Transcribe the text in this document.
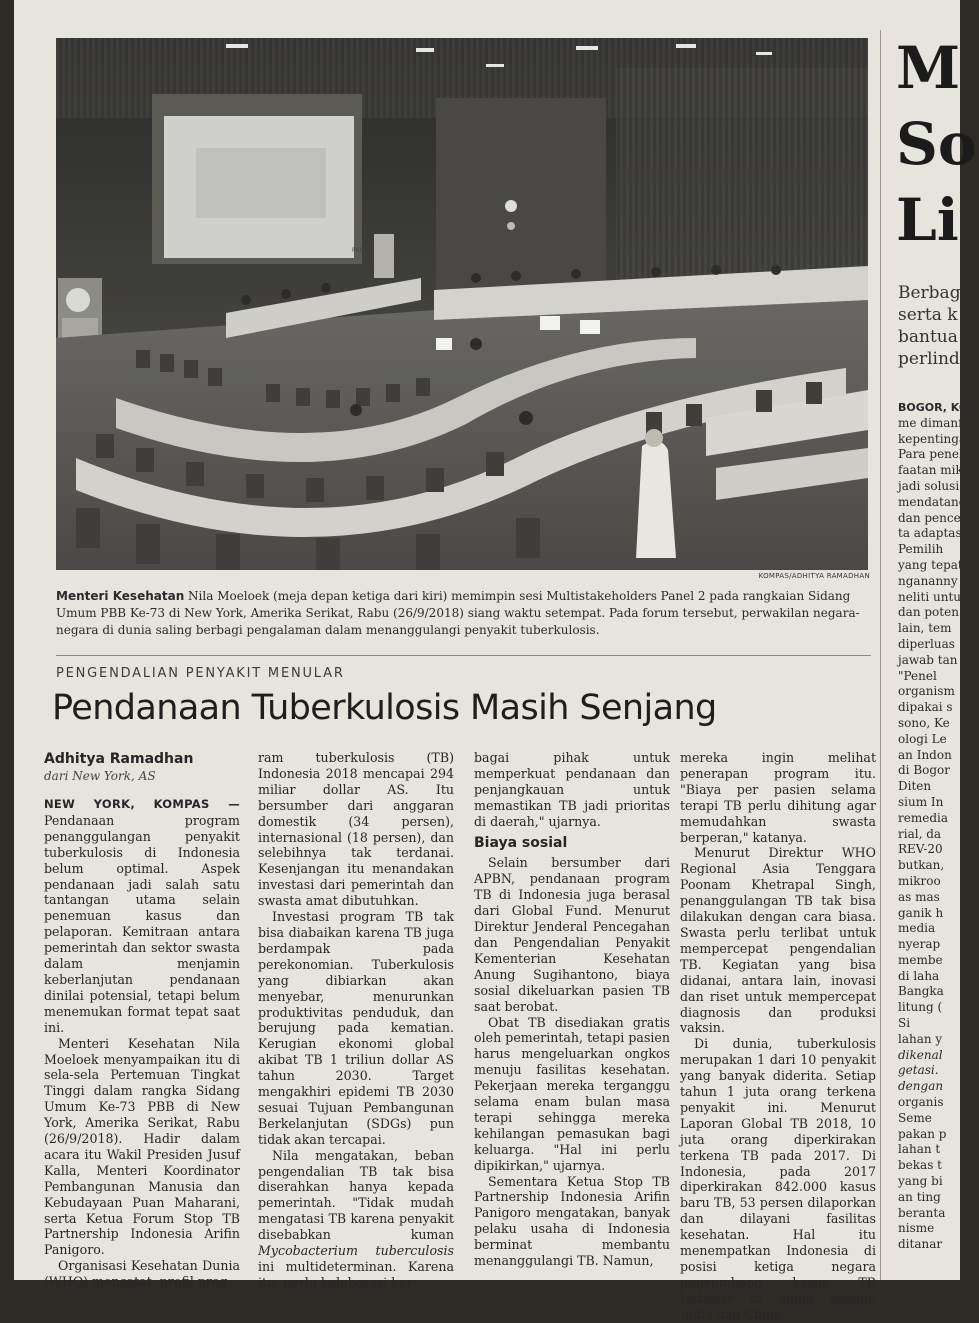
PBB
KOMPAS/ADHITYA RAMADHAN
Menteri Kesehatan Nila Moeloek (meja depan ketiga dari kiri) memimpin sesi Multistakeholders Panel 2 pada rangkaian Sidang Umum PBB Ke-73 di New York, Amerika Serikat, Rabu (26/9/2018) siang waktu setempat. Pada forum tersebut, perwakilan negara-negara di dunia saling berbagi pengalaman dalam menanggulangi penyakit tuberkulosis.
PENGENDALIAN PENYAKIT MENULAR
Pendanaan Tuberkulosis Masih Senjang

Adhitya Ramadhan

dari New York, AS

NEW YORK, KOMPAS — Pendanaan program penanggulangan penyakit tuberkulosis di Indonesia belum optimal. Aspek pendanaan jadi salah satu tantangan utama selain penemuan kasus dan pelaporan. Kemitraan antara pemerintah dan sektor swasta dalam menjamin keberlanjutan pendanaan dinilai potensial, tetapi belum menemukan format tepat saat ini.

Menteri Kesehatan Nila Moeloek menyampaikan itu di sela-sela Pertemuan Tingkat Tinggi dalam rangka Sidang Umum Ke-73 PBB di New York, Amerika Serikat, Rabu (26/9/2018). Hadir dalam acara itu Wakil Presiden Jusuf Kalla, Menteri Koordinator Pembangunan Manusia dan Kebudayaan Puan Maharani, serta Ketua Forum Stop TB Partnership Indonesia Arifin Panigoro.

Organisasi Kesehatan Dunia (WHO) mencatat, profil prog-

ram tuberkulosis (TB) Indonesia 2018 mencapai 294 miliar dollar AS. Itu bersumber dari anggaran domestik (34 persen), internasional (18 persen), dan selebihnya tak terdanai. Kesenjangan itu menandakan investasi dari pemerintah dan swasta amat dibutuhkan.

Investasi program TB tak bisa diabaikan karena TB juga berdampak pada perekonomian. Tuberkulosis yang dibiarkan akan menyebar, menurunkan produktivitas penduduk, dan berujung pada kematian. Kerugian ekonomi global akibat TB 1 triliun dollar AS tahun 2030. Target mengakhiri epidemi TB 2030 sesuai Tujuan Pembangunan Berkelanjutan (SDGs) pun tidak akan tercapai.

Nila mengatakan, beban pengendalian TB tak bisa diserahkan hanya kepada pemerintah. "Tidak mudah mengatasi TB karena penyakit disebabkan kuman Mycobacterium tuberculosis ini multideterminan. Karena itu, perlu kolaborasi ber-

bagai pihak untuk memperkuat pendanaan dan penjangkauan untuk memastikan TB jadi prioritas di daerah," ujarnya.

Biaya sosial

Selain bersumber dari APBN, pendanaan program TB di Indonesia juga berasal dari Global Fund. Menurut Direktur Jenderal Pencegahan dan Pengendalian Penyakit Kementerian Kesehatan Anung Sugihantono, biaya sosial dikeluarkan pasien TB saat berobat.

Obat TB disediakan gratis oleh pemerintah, tetapi pasien harus mengeluarkan ongkos menuju fasilitas kesehatan. Pekerjaan mereka terganggu selama enam bulan masa terapi sehingga mereka kehilangan pemasukan bagi keluarga. "Hal ini perlu dipikirkan," ujarnya.

Sementara Ketua Stop TB Partnership Indonesia Arifin Panigoro mengatakan, banyak pelaku usaha di Indonesia berminat membantu menanggulangi TB. Namun,

mereka ingin melihat penerapan program itu. "Biaya per pasien selama terapi TB perlu dihitung agar memudahkan swasta berperan," katanya.

Menurut Direktur WHO Regional Asia Tenggara Poonam Khetrapal Singh, penanggulangan TB tak bisa dilakukan dengan cara biasa. Swasta perlu terlibat untuk mempercepat pengendalian TB. Kegiatan yang bisa didanai, antara lain, inovasi dan riset untuk mempercepat diagnosis dan produksi vaksin.

Di dunia, tuberkulosis merupakan 1 dari 10 penyakit yang banyak diderita. Setiap tahun 1 juta orang terkena penyakit ini. Menurut Laporan Global TB 2018, 10 juta orang diperkirakan terkena TB pada 2017. Di Indonesia, pada 2017 diperkirakan 842.000 kasus baru TB, 53 persen dilaporkan dan dilayani fasilitas kesehatan. Hal itu menempatkan Indonesia di posisi ketiga negara penyumbang kasus TB terbesar di dunia setelah India dan China.

M
So
Li
Berbag
serta k
bantua
perlind
BOGOR, KOM
me dimanf
kepentinga
Para penel
faatan mik
jadi solusi
mendatang
dan pencer
ta adaptasi
Pemilih
yang tepat
ngananny
neliti untu
dan poten
lain, tem
diperluas
jawab tan
"Penel
organism
dipakai s
sono, Ke
ologi Le
an Indon
di Bogor
Diten
sium In
remedia
rial, da
REV-20
butkan,
mikroo
as mas
ganik h
media
nyerap
membe
di laha
Bangka
litung (
Si
lahan y
dikenal
getasi.
dengan
organis
Seme
pakan p
lahan t
bekas t
yang bi
an ting
beranta
nisme
ditanar
